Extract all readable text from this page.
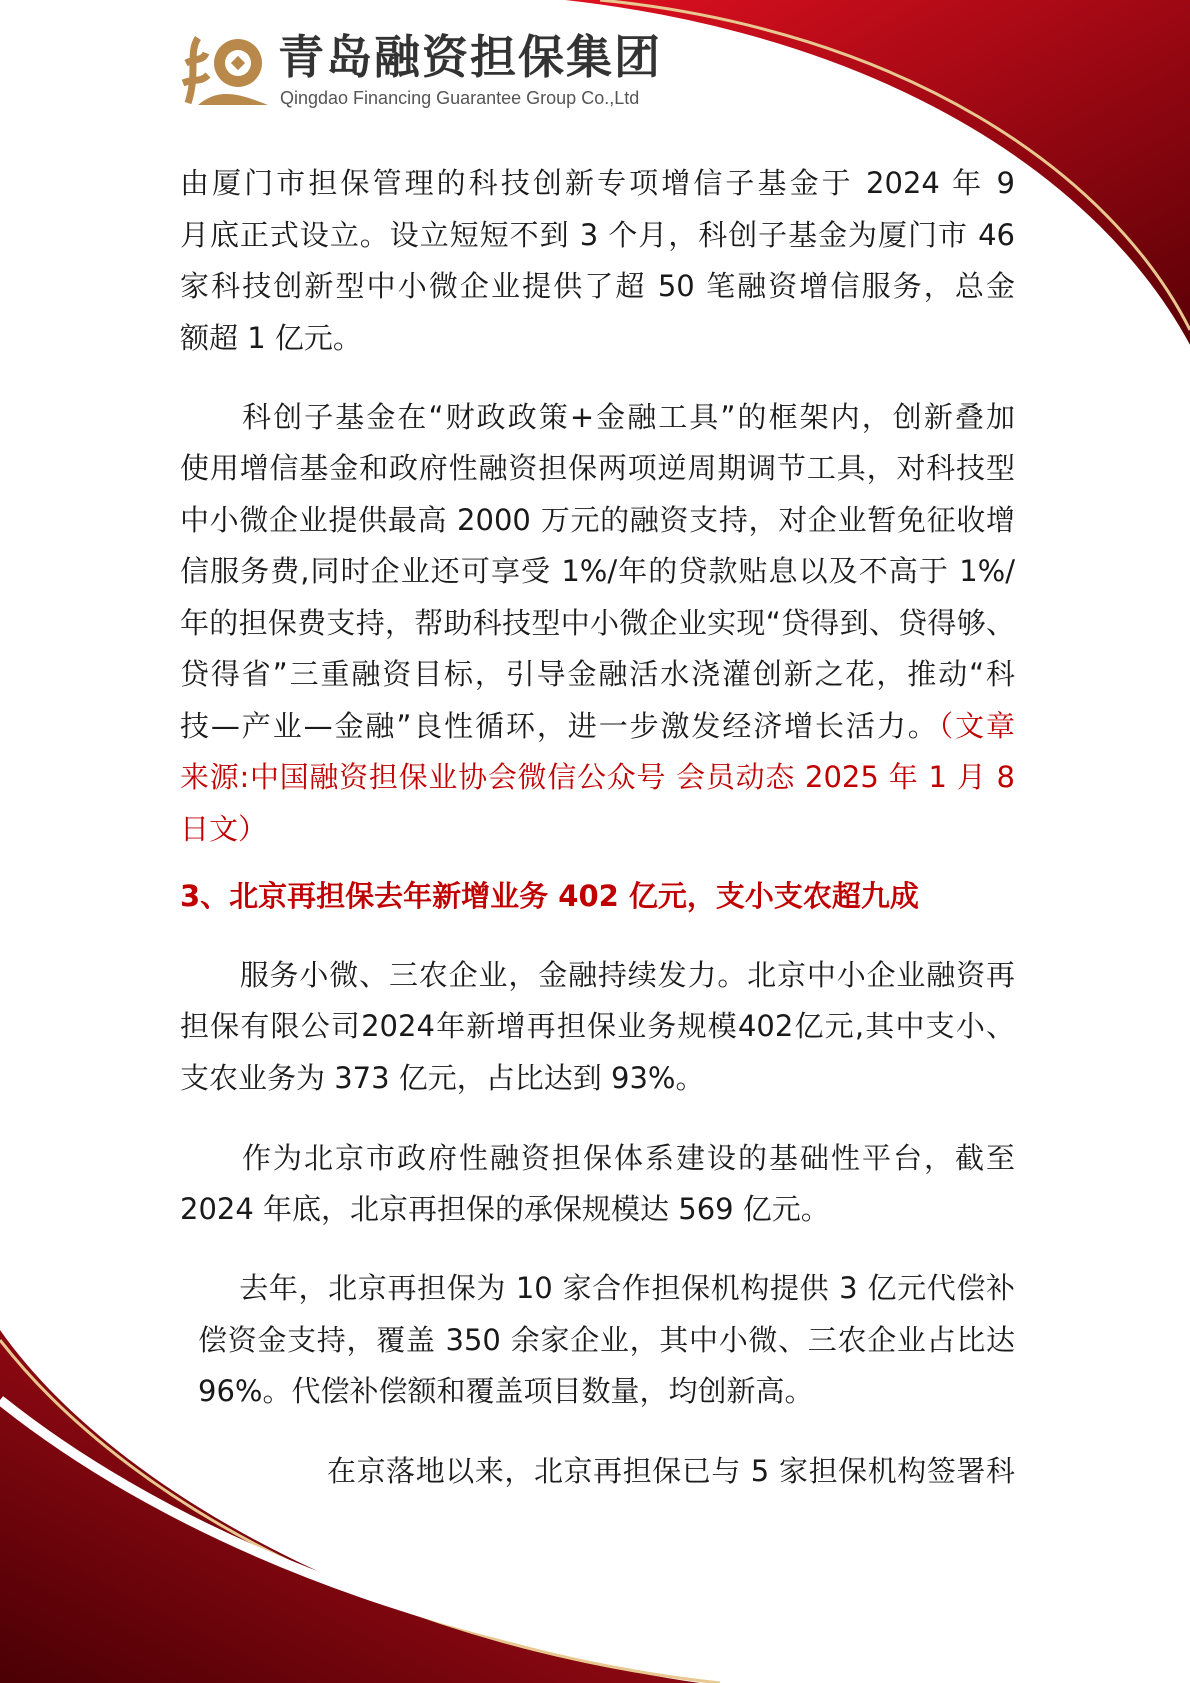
青岛融资担保集团
Qingdao Financing Guarantee Group Co.,Ltd
由厦门市担保管理的科技创新专项增信子基金于 2024 年 9
月底正式设立。设立短短不到 3 个月，科创子基金为厦门市 46
家科技创新型中小微企业提供了超 50 笔融资增信服务，总金
额超 1 亿元。
　　科创子基金在“财政政策+金融工具”的框架内，创新叠加
使用增信基金和政府性融资担保两项逆周期调节工具，对科技型
中小微企业提供最高 2000 万元的融资支持，对企业暂免征收增
信服务费,同时企业还可享受 1%/年的贷款贴息以及不高于 1%/
年的担保费支持，帮助科技型中小微企业实现“贷得到、贷得够、
贷得省”三重融资目标，引导金融活水浇灌创新之花，推动“科
技—产业—金融”良性循环，进一步激发经济增长活力。（文章
来源:中国融资担保业协会微信公众号 会员动态 2025 年 1 月 8
日文）
3、北京再担保去年新增业务 402 亿元，支小支农超九成
　　服务小微、三农企业，金融持续发力。北京中小企业融资再
担保有限公司2024年新增再担保业务规模402亿元,其中支小、
支农业务为 373 亿元，占比达到 93%。
　　作为北京市政府性融资担保体系建设的基础性平台，截至
2024 年底，北京再担保的承保规模达 569 亿元。
　　去年，北京再担保为 10 家合作担保机构提供 3 亿元代偿补
偿资金支持，覆盖 350 余家企业，其中小微、三农企业占比达
96%。代偿补偿额和覆盖项目数量，均创新高。
在京落地以来，北京再担保已与 5 家担保机构签署科
